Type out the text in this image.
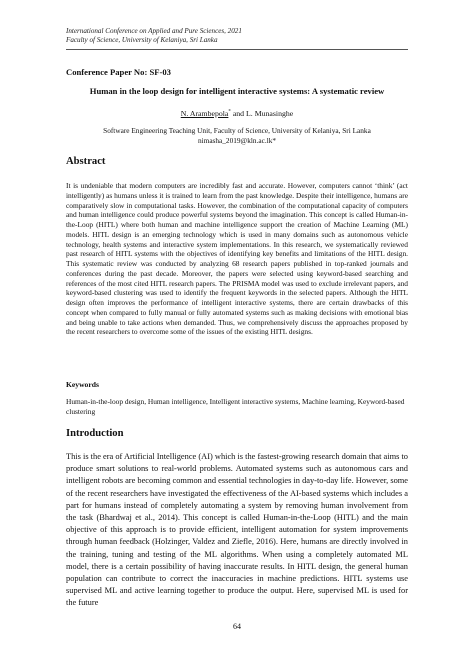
International Conference on Applied and Pure Sciences, 2021
Faculty of Science, University of Kelaniya, Sri Lanka
Conference Paper No: SF-03
Human in the loop design for intelligent interactive systems: A systematic review
N. Arambepola* and L. Munasinghe
Software Engineering Teaching Unit, Faculty of Science, University of Kelaniya, Sri Lanka
nimasha_2019@kln.ac.lk*
Abstract

It is undeniable that modern computers are incredibly fast and accurate. However, computers cannot ‘think’ (act intelligently) as humans unless it is trained to learn from the past knowledge. Despite their intelligence, humans are comparatively slow in computational tasks. However, the combination of the computational capacity of computers and human intelligence could produce powerful systems beyond the imagination. This concept is called Human-in-the-Loop (HITL) where both human and machine intelligence support the creation of Machine Learning (ML) models. HITL design is an emerging technology which is used in many domains such as autonomous vehicle technology, health systems and interactive system implementations. In this research, we systematically reviewed past research of HITL systems with the objectives of identifying key benefits and limitations of the HITL design. This systematic review was conducted by analyzing 68 research papers published in top-ranked journals and conferences during the past decade. Moreover, the papers were selected using keyword-based searching and references of the most cited HITL research papers. The PRISMA model was used to exclude irrelevant papers, and keyword-based clustering was used to identify the frequent keywords in the selected papers. Although the HITL design often improves the performance of intelligent interactive systems, there are certain drawbacks of this concept when compared to fully manual or fully automated systems such as making decisions with emotional bias and being unable to take actions when demanded. Thus, we comprehensively discuss the approaches proposed by the recent researchers to overcome some of the issues of the existing HITL designs.

Keywords

Human-in-the-loop design, Human intelligence, Intelligent interactive systems, Machine learning, Keyword-based clustering

Introduction

This is the era of Artificial Intelligence (AI) which is the fastest-growing research domain that aims to produce smart solutions to real-world problems. Automated systems such as autonomous cars and intelligent robots are becoming common and essential technologies in day-to-day life. However, some of the recent researchers have investigated the effectiveness of the AI-based systems which includes a part for humans instead of completely automating a system by removing human involvement from the task (Bhardwaj et al., 2014). This concept is called Human-in-the-Loop (HITL) and the main objective of this approach is to provide efficient, intelligent automation for system improvements through human feedback (Holzinger, Valdez and Ziefle, 2016). Here, humans are directly involved in the training, tuning and testing of the ML algorithms. When using a completely automated ML model, there is a certain possibility of having inaccurate results. In HITL design, the general human population can contribute to correct the inaccuracies in machine predictions. HITL systems use supervised ML and active learning together to produce the output. Here, supervised ML is used for the future

64
